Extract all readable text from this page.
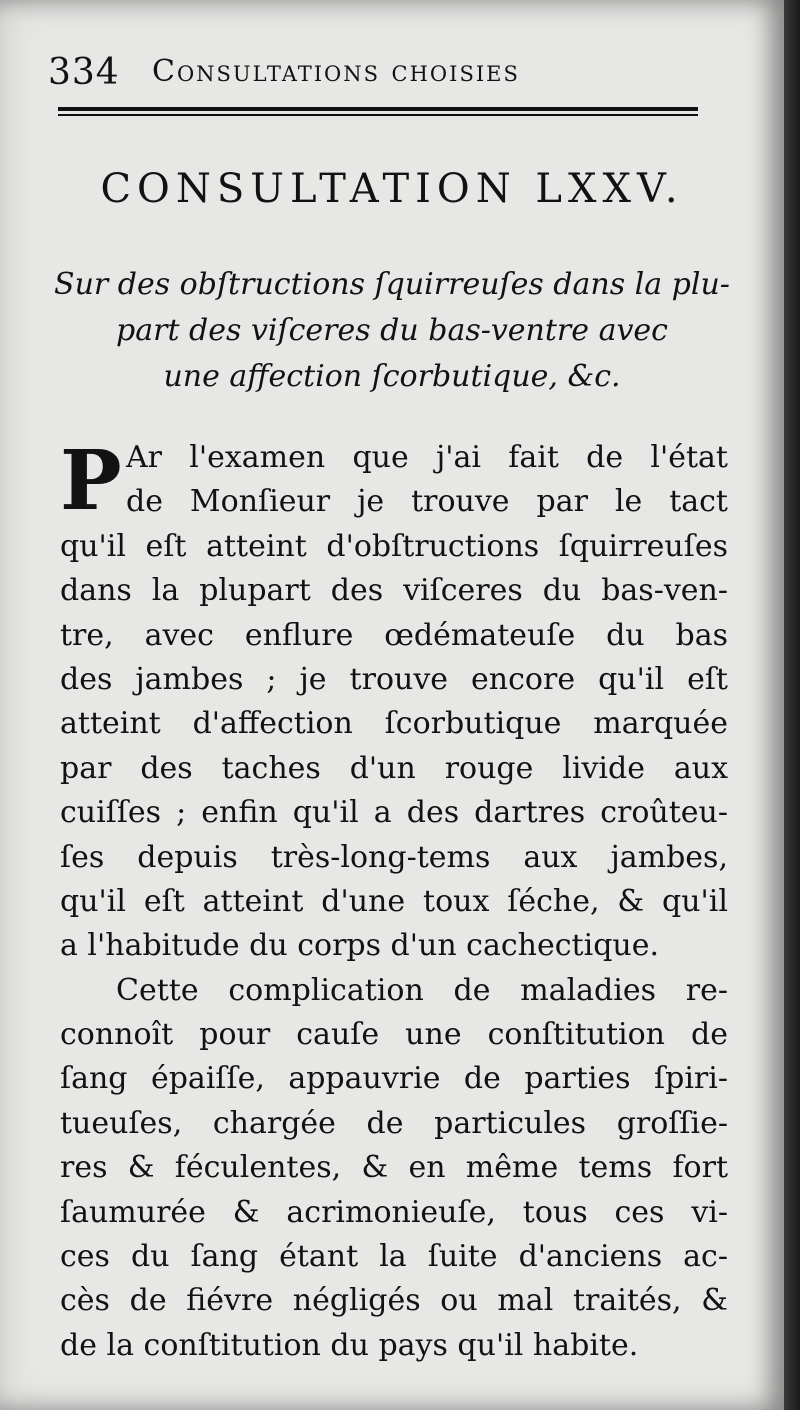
334 Consultations choisies
CONSULTATION LXXV.

Sur des obſtructions ſquirreuſes dans la plu-
part des viſceres du bas-ventre avec
une affection ſcorbutique, &c.

P Ar l'examen que j'ai fait de l'état
de Monſieur je trouve par le tact
qu'il eſt atteint d'obſtructions ſquirreuſes
dans la plupart des viſceres du bas-ven-
tre, avec enflure œdémateuſe du bas
des jambes ; je trouve encore qu'il eſt
atteint d'affection ſcorbutique marquée
par des taches d'un rouge livide aux
cuiſſes ; enfin qu'il a des dartres croûteu-
ſes depuis très-long-tems aux jambes,
qu'il eſt atteint d'une toux ſéche, & qu'il
a l'habitude du corps d'un cachectique.
Cette complication de maladies re-
connoît pour cauſe une conſtitution de
ſang épaiſſe, appauvrie de parties ſpiri-
tueuſes, chargée de particules groſſie-
res & féculentes, & en même tems fort
ſaumurée & acrimonieuſe, tous ces vi-
ces du ſang étant la ſuite d'anciens ac-
cès de fiévre négligés ou mal traités, &
de la conſtitution du pays qu'il habite.
